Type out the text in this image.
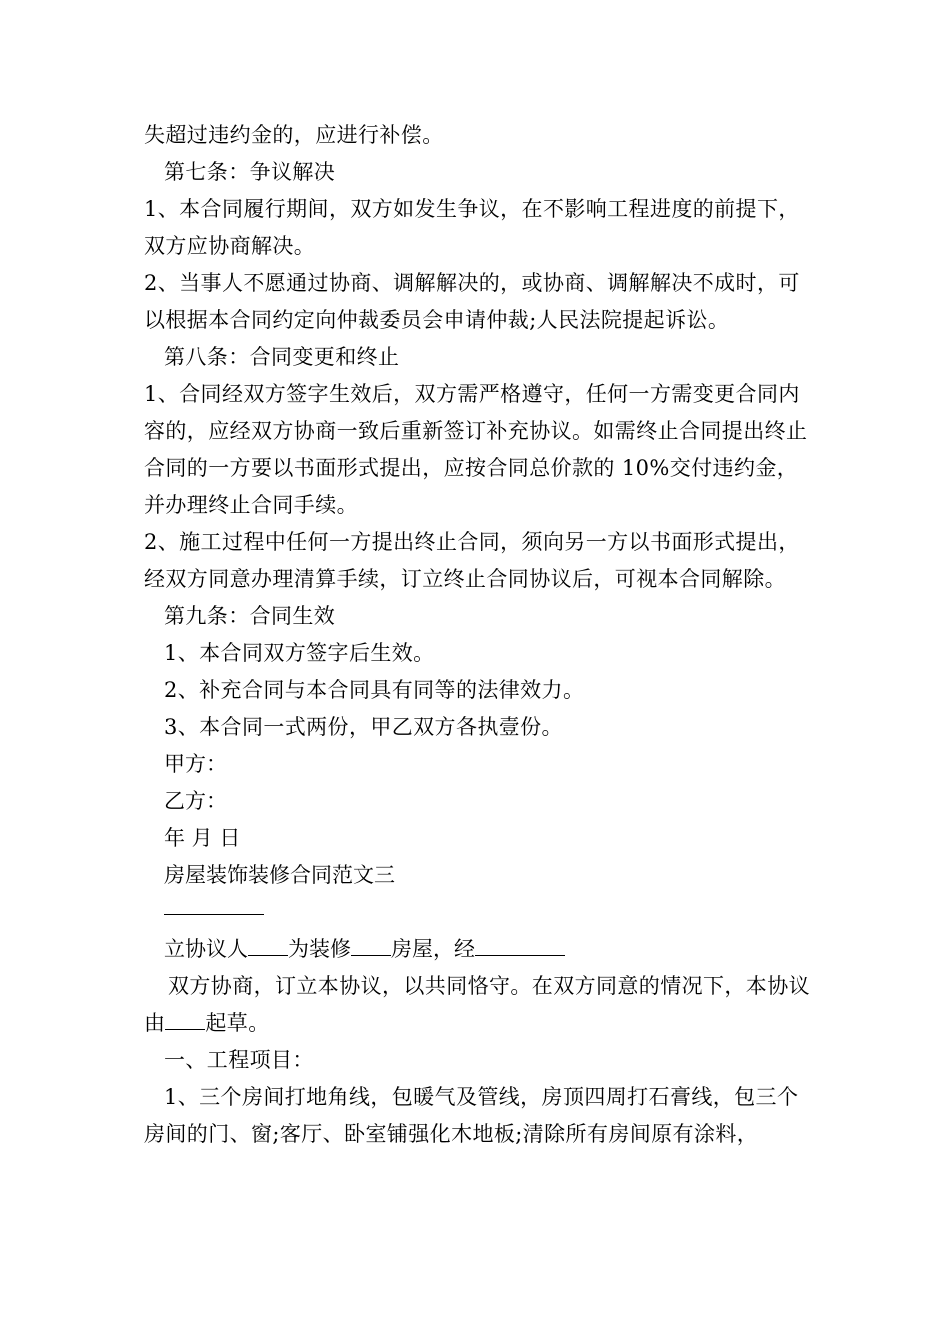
失超过违约金的，应进行补偿。

第七条：争议解决

1、本合同履行期间，双方如发生争议，在不影响工程进度的前提下，双方应协商解决。

2、当事人不愿通过协商、调解解决的，或协商、调解解决不成时，可以根据本合同约定向仲裁委员会申请仲裁;人民法院提起诉讼。

第八条：合同变更和终止

1、合同经双方签字生效后，双方需严格遵守，任何一方需变更合同内容的，应经双方协商一致后重新签订补充协议。如需终止合同提出终止合同的一方要以书面形式提出，应按合同总价款的 10%交付违约金，并办理终止合同手续。

2、施工过程中任何一方提出终止合同，须向另一方以书面形式提出，经双方同意办理清算手续，订立终止合同协议后，可视本合同解除。

第九条：合同生效

1、本合同双方签字后生效。

2、补充合同与本合同具有同等的法律效力。

3、本合同一式两份，甲乙双方各执壹份。

甲方：

乙方：

年 月 日

房屋装饰装修合同范文三

立协议人 为装修 房屋，经

双方协商，订立本协议，以共同恪守。在双方同意的情况下，本协议由 起草。

一、工程项目：

1、三个房间打地角线，包暖气及管线，房顶四周打石膏线，包三个房间的门、窗;客厅、卧室铺强化木地板;清除所有房间原有涂料，
